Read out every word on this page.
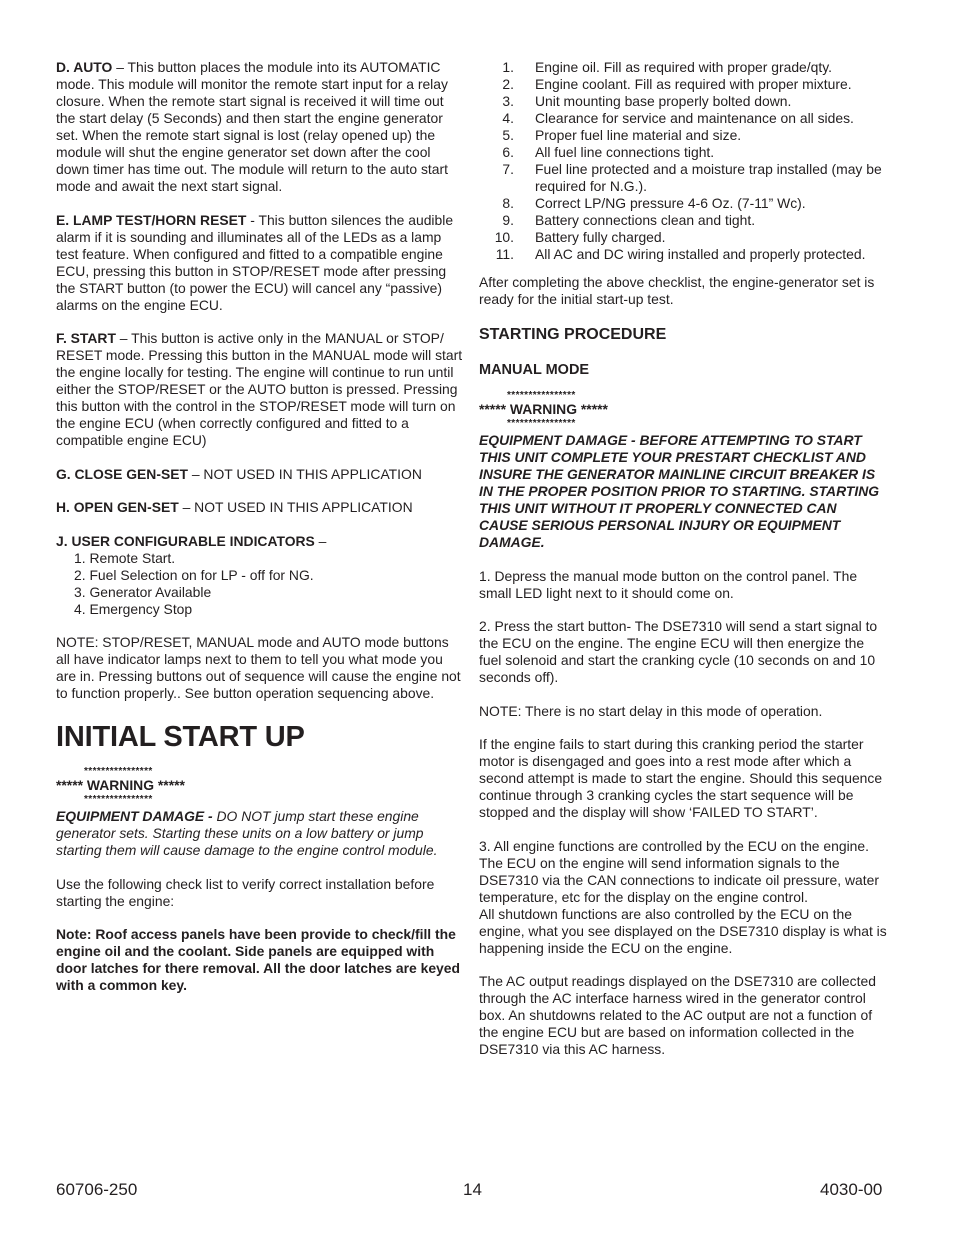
D. AUTO – This button places the module into its AUTOMATIC mode. This module will monitor the remote start input for a relay closure. When the remote start signal is received it will time out the start delay (5 Seconds) and then start the engine generator set. When the remote start signal is lost (relay opened up) the module will shut the engine generator set down after the cool down timer has time out. The module will return to the auto start mode and await the next start signal.

E. LAMP TEST/HORN RESET - This button silences the audible alarm if it is sounding and illuminates all of the LEDs as a lamp test feature. When configured and fitted to a compatible engine ECU, pressing this button in STOP/RESET mode after pressing the START button (to power the ECU) will cancel any “passive) alarms on the engine ECU.

F. START – This button is active only in the MANUAL or STOP/ RESET mode. Pressing this button in the MANUAL mode will start the engine locally for testing. The engine will continue to run until either the STOP/RESET or the AUTO button is pressed. Pressing this button with the control in the STOP/RESET mode will turn on the engine ECU (when correctly configured and fitted to a compatible engine ECU)

G. CLOSE GEN-SET – NOT USED IN THIS APPLICATION

H. OPEN GEN-SET – NOT USED IN THIS APPLICATION

J. USER CONFIGURABLE INDICATORS –

1. Remote Start.

2. Fuel Selection on for LP - off for NG.

3. Generator Available

4. Emergency Stop

NOTE: STOP/RESET, MANUAL mode and AUTO mode buttons all have indicator lamps next to them to tell you what mode you are in. Pressing buttons out of sequence will cause the engine not to function properly.. See button operation sequencing above.

INITIAL START UP
****************
***** WARNING *****
****************

EQUIPMENT DAMAGE - DO NOT jump start these engine generator sets. Starting these units on a low battery or jump starting them will cause damage to the engine control module.

Use the following check list to verify correct installation before starting the engine:

Note: Roof access panels have been provide to check/fill the engine oil and the coolant. Side panels are equipped with door latches for there removal. All the door latches are keyed with a common key.

1.	Engine oil. Fill as required with proper grade/qty.
2.	Engine coolant. Fill as required with proper mixture.
3.	Unit mounting base properly bolted down.
4.	Clearance for service and maintenance on all sides.
5.	Proper fuel line material and size.
6.	All fuel line connections tight.
7.	Fuel line protected and a moisture trap installed (may be required for N.G.).
8.	Correct LP/NG pressure 4-6 Oz. (7-11” Wc).
9.	Battery connections clean and tight.
10.	Battery fully charged.
11.	All AC and DC wiring installed and properly protected.

After completing the above checklist, the engine-generator set is ready for the initial start-up test.

STARTING PROCEDURE
MANUAL MODE
****************
***** WARNING *****
****************

EQUIPMENT DAMAGE - BEFORE ATTEMPTING TO START THIS UNIT COMPLETE YOUR PRESTART CHECKLIST AND INSURE THE GENERATOR MAINLINE CIRCUIT BREAKER IS IN THE PROPER POSITION PRIOR TO STARTING. STARTING THIS UNIT WITHOUT IT PROPERLY CONNECTED CAN CAUSE SERIOUS PERSONAL INJURY OR EQUIPMENT DAMAGE.

1. Depress the manual mode button on the control panel. The small LED light next to it should come on.

2. Press the start button- The DSE7310 will send a start signal to the ECU on the engine. The engine ECU will then energize the fuel solenoid and start the cranking cycle (10 seconds on and 10 seconds off).

NOTE: There is no start delay in this mode of operation.

If the engine fails to start during this cranking period the starter motor is disengaged and goes into a rest mode after which a second attempt is made to start the engine. Should this sequence continue through 3 cranking cycles the start sequence will be stopped and the display will show ‘FAILED TO START’.

3. All engine functions are controlled by the ECU on the engine. The ECU on the engine will send information signals to the DSE7310 via the CAN connections to indicate oil pressure, water temperature, etc for the display on the engine control.

All shutdown functions are also controlled by the ECU on the engine, what you see displayed on the DSE7310 display is what is happening inside the ECU on the engine.

The AC output readings displayed on the DSE7310 are collected through the AC interface harness wired in the generator control box. An shutdowns related to the AC output are not a function of the engine ECU but are based on information collected in the DSE7310 via this AC harness.

60706-250	14	4030-00
